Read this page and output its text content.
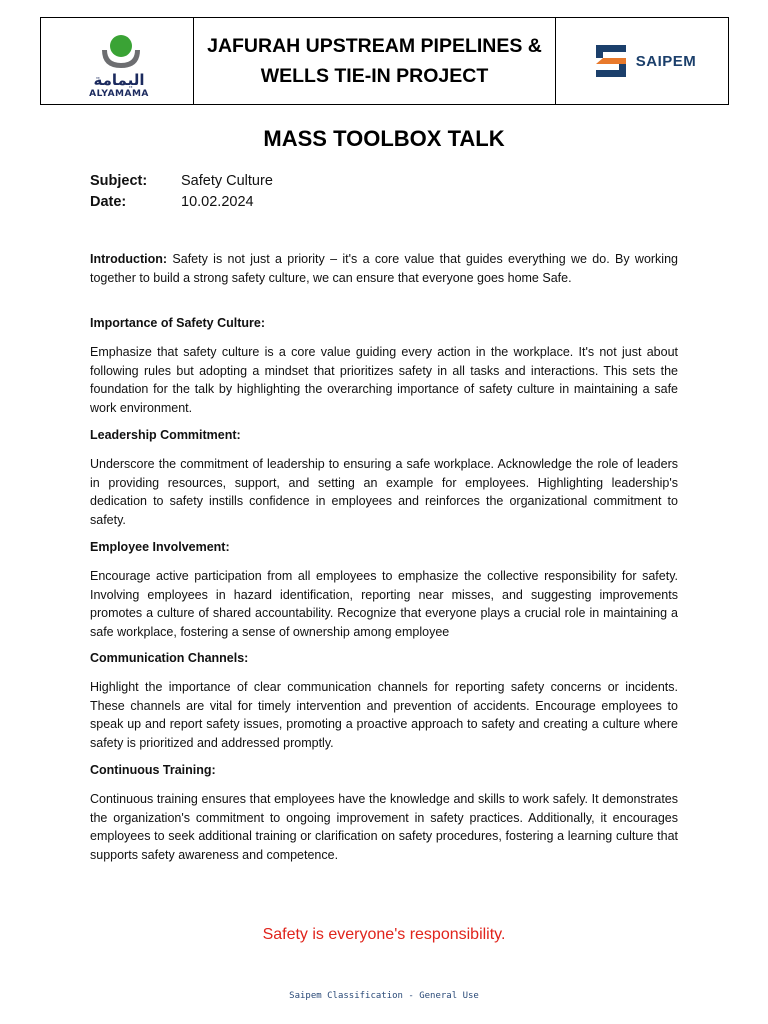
اليمامة
ALYAMAMA
JAFURAH UPSTREAM PIPELINES &
WELLS TIE-IN PROJECT
SAIPEM
MASS TOOLBOX TALK
Subject:	Safety Culture
Date:	10.02.2024

Introduction: Safety is not just a priority – it's a core value that guides everything we do. By working together to build a strong safety culture, we can ensure that everyone goes home Safe.

Importance of Safety Culture:

Emphasize that safety culture is a core value guiding every action in the workplace. It's not just about following rules but adopting a mindset that prioritizes safety in all tasks and interactions. This sets the foundation for the talk by highlighting the overarching importance of safety culture in maintaining a safe work environment.

Leadership Commitment:

Underscore the commitment of leadership to ensuring a safe workplace. Acknowledge the role of leaders in providing resources, support, and setting an example for employees. Highlighting leadership's dedication to safety instills confidence in employees and reinforces the organizational commitment to safety.

Employee Involvement:

Encourage active participation from all employees to emphasize the collective responsibility for safety. Involving employees in hazard identification, reporting near misses, and suggesting improvements promotes a culture of shared accountability. Recognize that everyone plays a crucial role in maintaining a safe workplace, fostering a sense of ownership among employee

Communication Channels:

Highlight the importance of clear communication channels for reporting safety concerns or incidents. These channels are vital for timely intervention and prevention of accidents. Encourage employees to speak up and report safety issues, promoting a proactive approach to safety and creating a culture where safety is prioritized and addressed promptly.

Continuous Training:

Continuous training ensures that employees have the knowledge and skills to work safely. It demonstrates the organization's commitment to ongoing improvement in safety practices. Additionally, it encourages employees to seek additional training or clarification on safety procedures, fostering a learning culture that supports safety awareness and competence.

Safety is everyone's responsibility.

Saipem Classification - General Use
